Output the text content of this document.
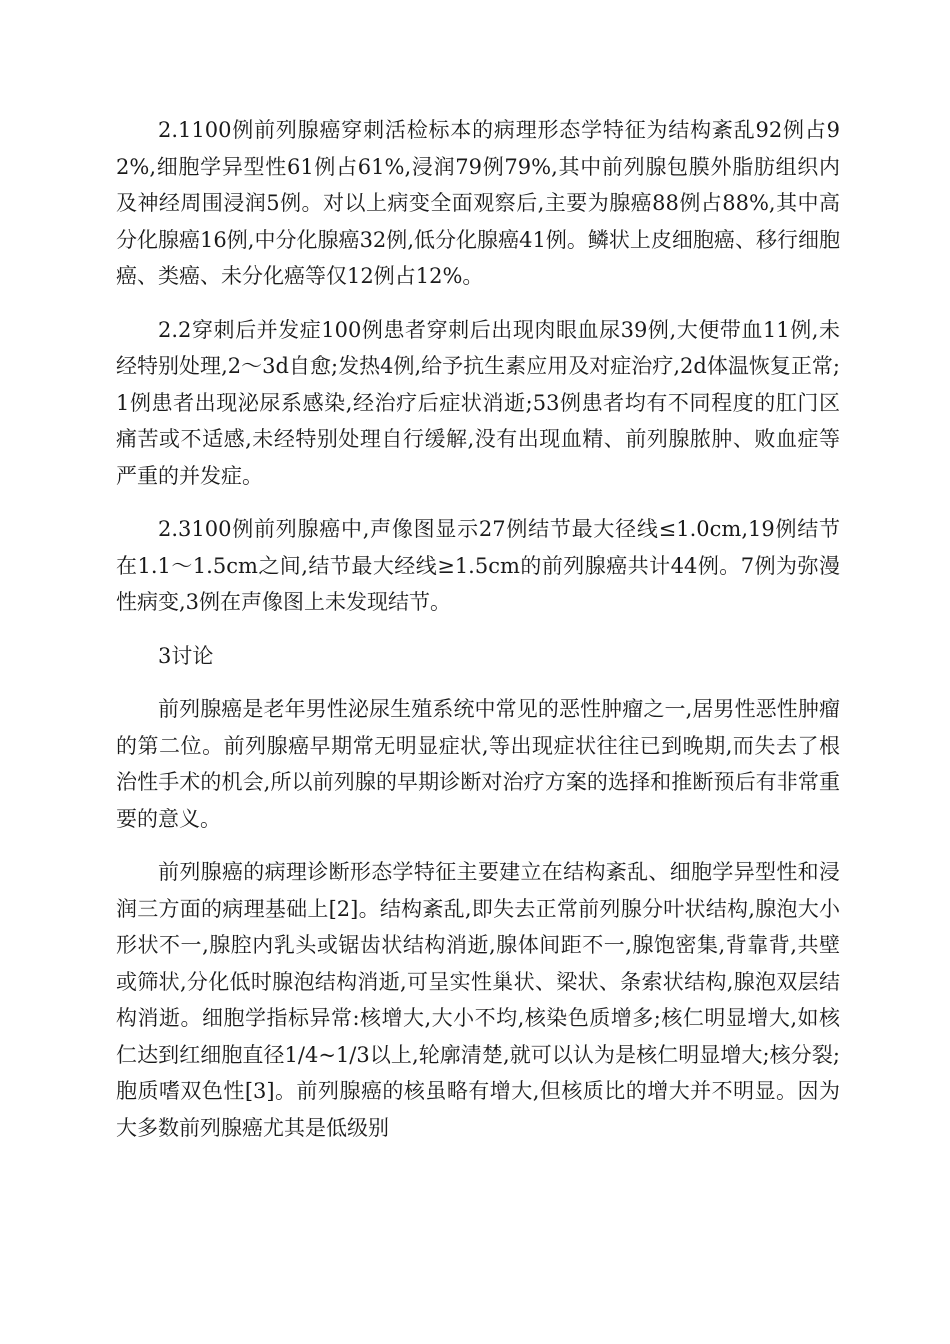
2.1100例前列腺癌穿刺活检标本的病理形态学特征为结构紊乱92例占92%,细胞学异型性61例占61%,浸润79例79%,其中前列腺包膜外脂肪组织内及神经周围浸润5例。对以上病变全面观察后,主要为腺癌88例占88%,其中高分化腺癌16例,中分化腺癌32例,低分化腺癌41例。鳞状上皮细胞癌、移行细胞癌、类癌、未分化癌等仅12例占12%。

2.2穿刺后并发症100例患者穿刺后出现肉眼血尿39例,大便带血11例,未经特别处理,2～3d自愈;发热4例,给予抗生素应用及对症治疗,2d体温恢复正常;1例患者出现泌尿系感染,经治疗后症状消逝;53例患者均有不同程度的肛门区痛苦或不适感,未经特别处理自行缓解,没有出现血精、前列腺脓肿、败血症等严重的并发症。

2.3100例前列腺癌中,声像图显示27例结节最大径线≤1.0cm,19例结节在1.1～1.5cm之间,结节最大经线≥1.5cm的前列腺癌共计44例。7例为弥漫性病变,3例在声像图上未发现结节。

3讨论

前列腺癌是老年男性泌尿生殖系统中常见的恶性肿瘤之一,居男性恶性肿瘤的第二位。前列腺癌早期常无明显症状,等出现症状往往已到晚期,而失去了根治性手术的机会,所以前列腺的早期诊断对治疗方案的选择和推断预后有非常重要的意义。

前列腺癌的病理诊断形态学特征主要建立在结构紊乱、细胞学异型性和浸润三方面的病理基础上[2]。结构紊乱,即失去正常前列腺分叶状结构,腺泡大小形状不一,腺腔内乳头或锯齿状结构消逝,腺体间距不一,腺饱密集,背靠背,共壁或筛状,分化低时腺泡结构消逝,可呈实性巢状、梁状、条索状结构,腺泡双层结构消逝。细胞学指标异常:核增大,大小不均,核染色质增多;核仁明显增大,如核仁达到红细胞直径1/4~1/3以上,轮廓清楚,就可以认为是核仁明显增大;核分裂;胞质嗜双色性[3]。前列腺癌的核虽略有增大,但核质比的增大并不明显。因为大多数前列腺癌尤其是低级别
